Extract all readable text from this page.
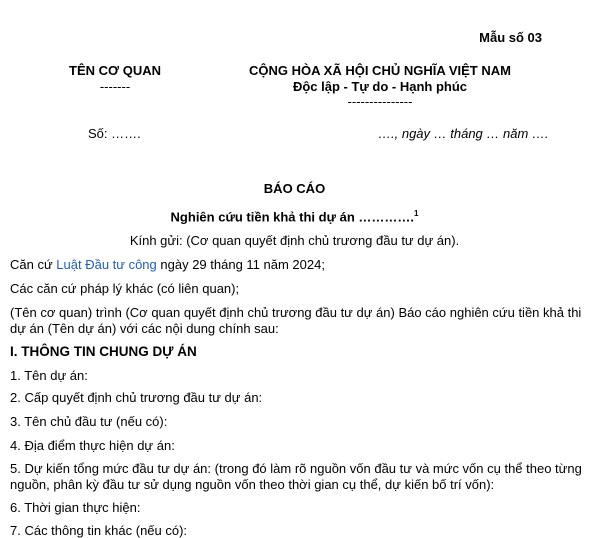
Mẫu số 03
TÊN CƠ QUAN
-------
CỘNG HÒA XÃ HỘI CHỦ NGHĨA VIỆT NAM
Độc lập - Tự do - Hạnh phúc
---------------
Số: …….	…., ngày … tháng … năm ….
BÁO CÁO
Nghiên cứu tiền khả thi dự án ………….$^1$
Kính gửi: (Cơ quan quyết định chủ trương đầu tư dự án).
Căn cứ Luật Đầu tư công ngày 29 tháng 11 năm 2024;
Các căn cứ pháp lý khác (có liên quan);
(Tên cơ quan) trình (Cơ quan quyết định chủ trương đầu tư dự án) Báo cáo nghiên cứu tiền khả thi
dự án (Tên dự án) với các nội dung chính sau:
I. THÔNG TIN CHUNG DỰ ÁN
1. Tên dự án:
2. Cấp quyết định chủ trương đầu tư dự án:
3. Tên chủ đầu tư (nếu có):
4. Địa điểm thực hiện dự án:
5. Dự kiến tổng mức đầu tư dự án: (trong đó làm rõ nguồn vốn đầu tư và mức vốn cụ thể theo từng
nguồn, phân kỳ đầu tư sử dụng nguồn vốn theo thời gian cụ thể, dự kiến bố trí vốn):
6. Thời gian thực hiện:
7. Các thông tin khác (nếu có):
